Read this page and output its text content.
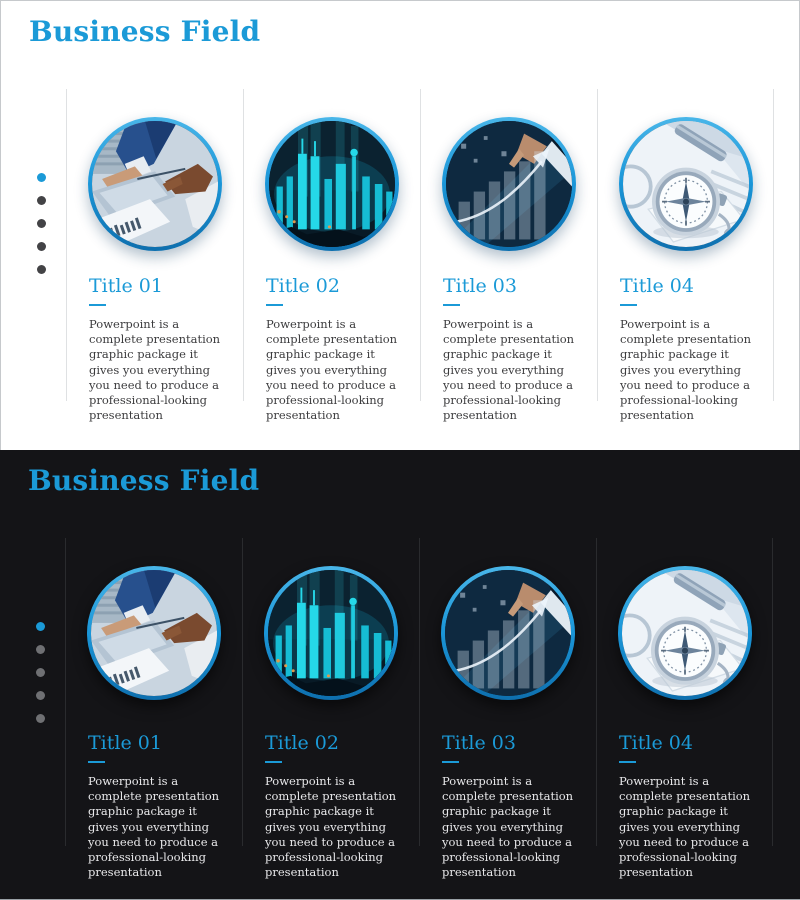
Business Field
Title 01

Powerpoint is a complete presentation graphic package it gives you everything you need to produce a professional-looking presentation

Title 02

Powerpoint is a complete presentation graphic package it gives you everything you need to produce a professional-looking presentation

Title 03

Powerpoint is a complete presentation graphic package it gives you everything you need to produce a professional-looking presentation

Title 04

Powerpoint is a complete presentation graphic package it gives you everything you need to produce a professional-looking presentation

Business Field
Title 01

Powerpoint is a complete presentation graphic package it gives you everything you need to produce a professional-looking presentation

Title 02

Powerpoint is a complete presentation graphic package it gives you everything you need to produce a professional-looking presentation

Title 03

Powerpoint is a complete presentation graphic package it gives you everything you need to produce a professional-looking presentation

Title 04

Powerpoint is a complete presentation graphic package it gives you everything you need to produce a professional-looking presentation
